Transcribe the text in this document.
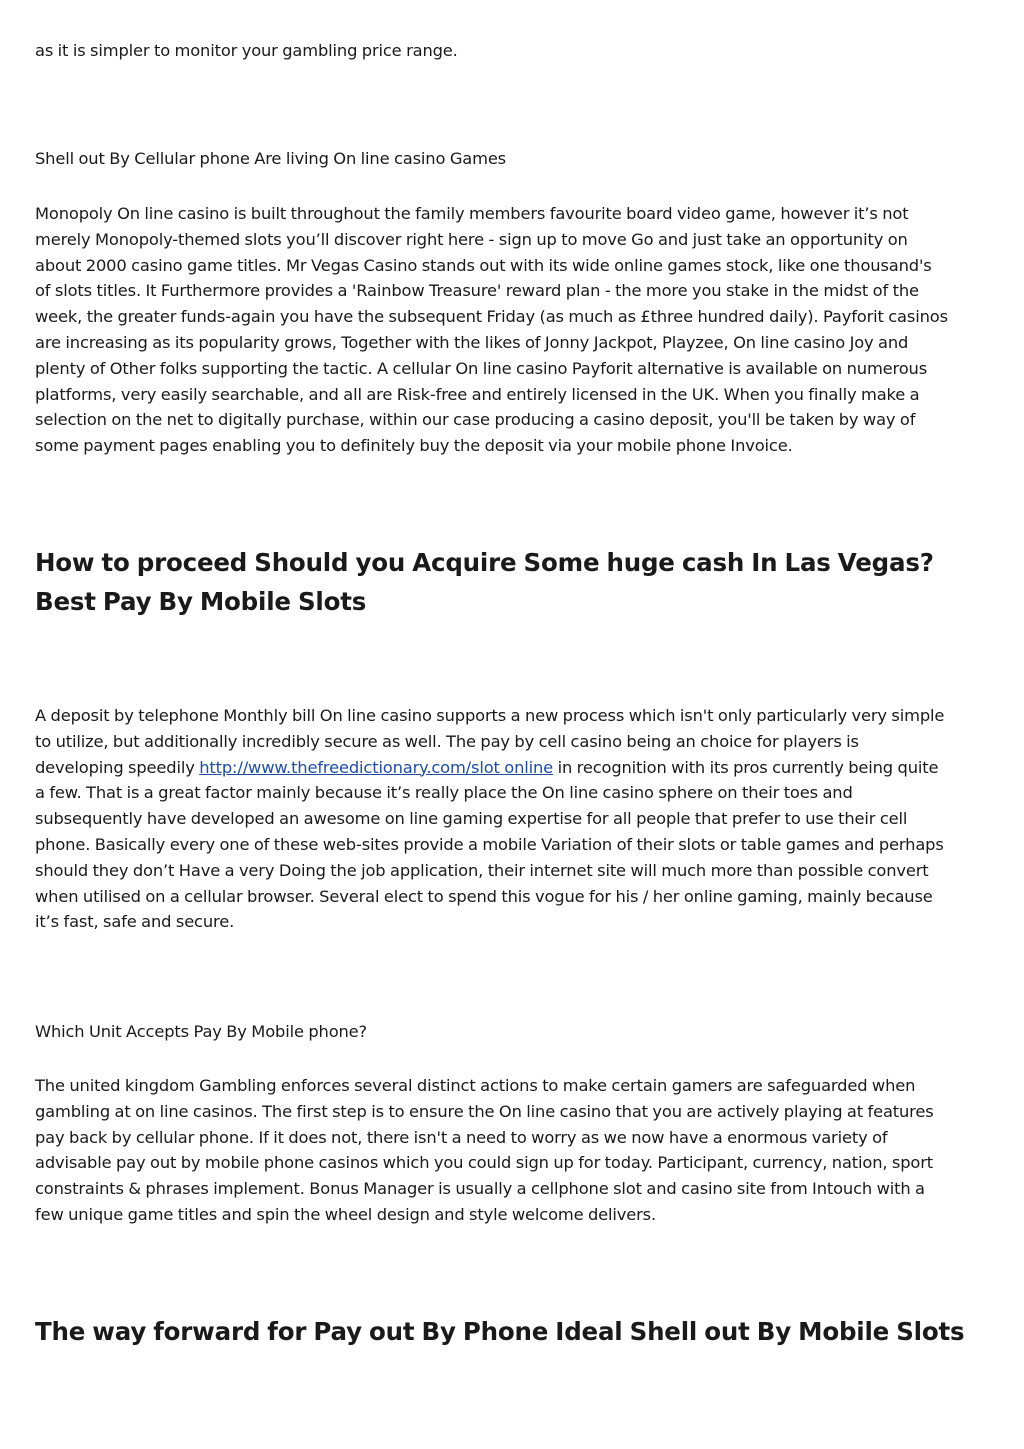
as it is simpler to monitor your gambling price range.

Shell out By Cellular phone Are living On line casino Games

Monopoly On line casino is built throughout the family members favourite board video game, however it’s not
merely Monopoly-themed slots you’ll discover right here - sign up to move Go and just take an opportunity on
about 2000 casino game titles. Mr Vegas Casino stands out with its wide online games stock, like one thousand's
of slots titles. It Furthermore provides a 'Rainbow Treasure' reward plan - the more you stake in the midst of the
week, the greater funds-again you have the subsequent Friday (as much as £three hundred daily). Payforit casinos
are increasing as its popularity grows, Together with the likes of Jonny Jackpot, Playzee, On line casino Joy and
plenty of Other folks supporting the tactic. A cellular On line casino Payforit alternative is available on numerous
platforms, very easily searchable, and all are Risk-free and entirely licensed in the UK. When you finally make a
selection on the net to digitally purchase, within our case producing a casino deposit, you'll be taken by way of
some payment pages enabling you to definitely buy the deposit via your mobile phone Invoice.

How to proceed Should you Acquire Some huge cash In Las Vegas?
Best Pay By Mobile Slots

A deposit by telephone Monthly bill On line casino supports a new process which isn't only particularly very simple
to utilize, but additionally incredibly secure as well. The pay by cell casino being an choice for players is
developing speedily http://www.thefreedictionary.com/slot online in recognition with its pros currently being quite
a few. That is a great factor mainly because it’s really place the On line casino sphere on their toes and
subsequently have developed an awesome on line gaming expertise for all people that prefer to use their cell
phone. Basically every one of these web-sites provide a mobile Variation of their slots or table games and perhaps
should they don’t Have a very Doing the job application, their internet site will much more than possible convert
when utilised on a cellular browser. Several elect to spend this vogue for his / her online gaming, mainly because
it’s fast, safe and secure.

Which Unit Accepts Pay By Mobile phone?

The united kingdom Gambling enforces several distinct actions to make certain gamers are safeguarded when
gambling at on line casinos. The first step is to ensure the On line casino that you are actively playing at features
pay back by cellular phone. If it does not, there isn't a need to worry as we now have a enormous variety of
advisable pay out by mobile phone casinos which you could sign up for today. Participant, currency, nation, sport
constraints & phrases implement. Bonus Manager is usually a cellphone slot and casino site from Intouch with a
few unique game titles and spin the wheel design and style welcome delivers.

The way forward for Pay out By Phone Ideal Shell out By Mobile Slots
